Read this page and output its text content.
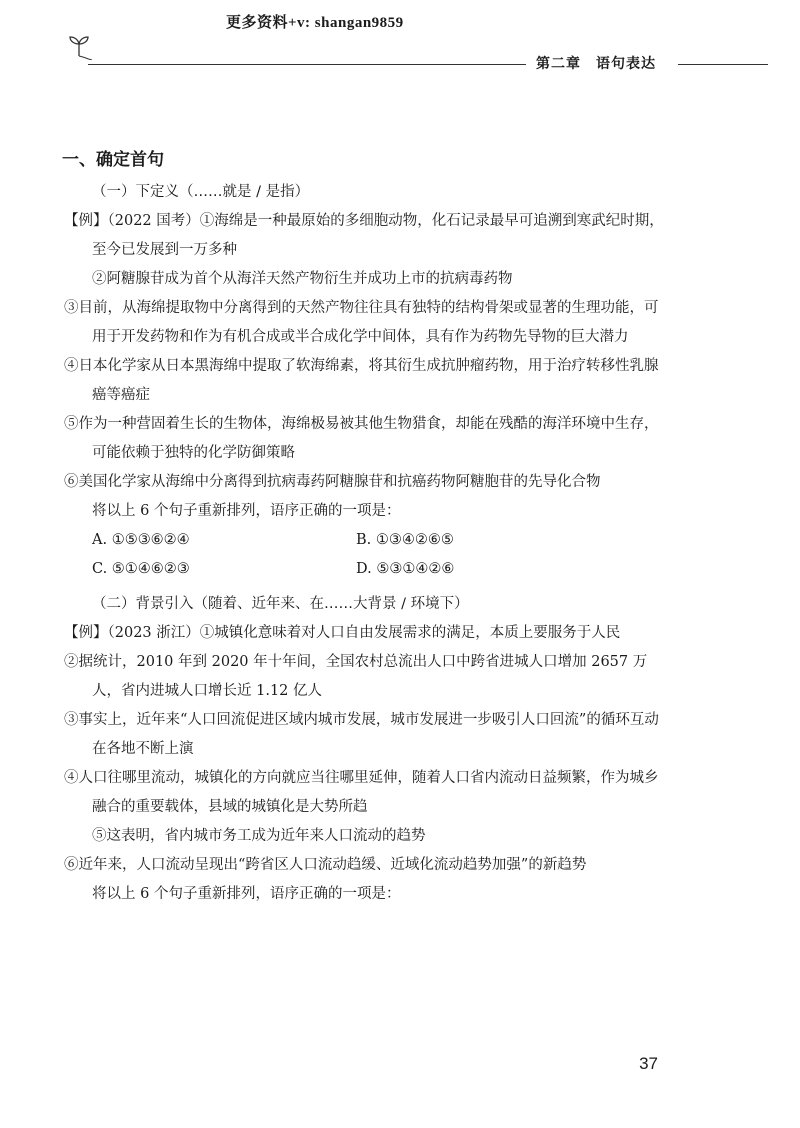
更多资料+v: shangan9859
第二章　语句表达
一、确定首句
（一）下定义（……就是 / 是指）

【例】（2022 国考）①海绵是一种最原始的多细胞动物，化石记录最早可追溯到寒武纪时期，至今已发展到一万多种

②阿糖腺苷成为首个从海洋天然产物衍生并成功上市的抗病毒药物

③目前，从海绵提取物中分离得到的天然产物往往具有独特的结构骨架或显著的生理功能，可用于开发药物和作为有机合成或半合成化学中间体，具有作为药物先导物的巨大潜力

④日本化学家从日本黑海绵中提取了软海绵素，将其衍生成抗肿瘤药物，用于治疗转移性乳腺癌等癌症

⑤作为一种营固着生长的生物体，海绵极易被其他生物猎食，却能在残酷的海洋环境中生存，可能依赖于独特的化学防御策略

⑥美国化学家从海绵中分离得到抗病毒药阿糖腺苷和抗癌药物阿糖胞苷的先导化合物

将以上 6 个句子重新排列，语序正确的一项是：

A. ①⑤③⑥②④	B. ①③④②⑥⑤
C. ⑤①④⑥②③	D. ⑤③①④②⑥
（二）背景引入（随着、近年来、在……大背景 / 环境下）

【例】（2023 浙江）①城镇化意味着对人口自由发展需求的满足，本质上要服务于人民

②据统计，2010 年到 2020 年十年间，全国农村总流出人口中跨省进城人口增加 2657 万人，省内进城人口增长近 1.12 亿人

③事实上，近年来“人口回流促进区域内城市发展，城市发展进一步吸引人口回流”的循环互动在各地不断上演

④人口往哪里流动，城镇化的方向就应当往哪里延伸，随着人口省内流动日益频繁，作为城乡融合的重要载体，县域的城镇化是大势所趋

⑤这表明，省内城市务工成为近年来人口流动的趋势

⑥近年来，人口流动呈现出“跨省区人口流动趋缓、近域化流动趋势加强”的新趋势

将以上 6 个句子重新排列，语序正确的一项是：

37
